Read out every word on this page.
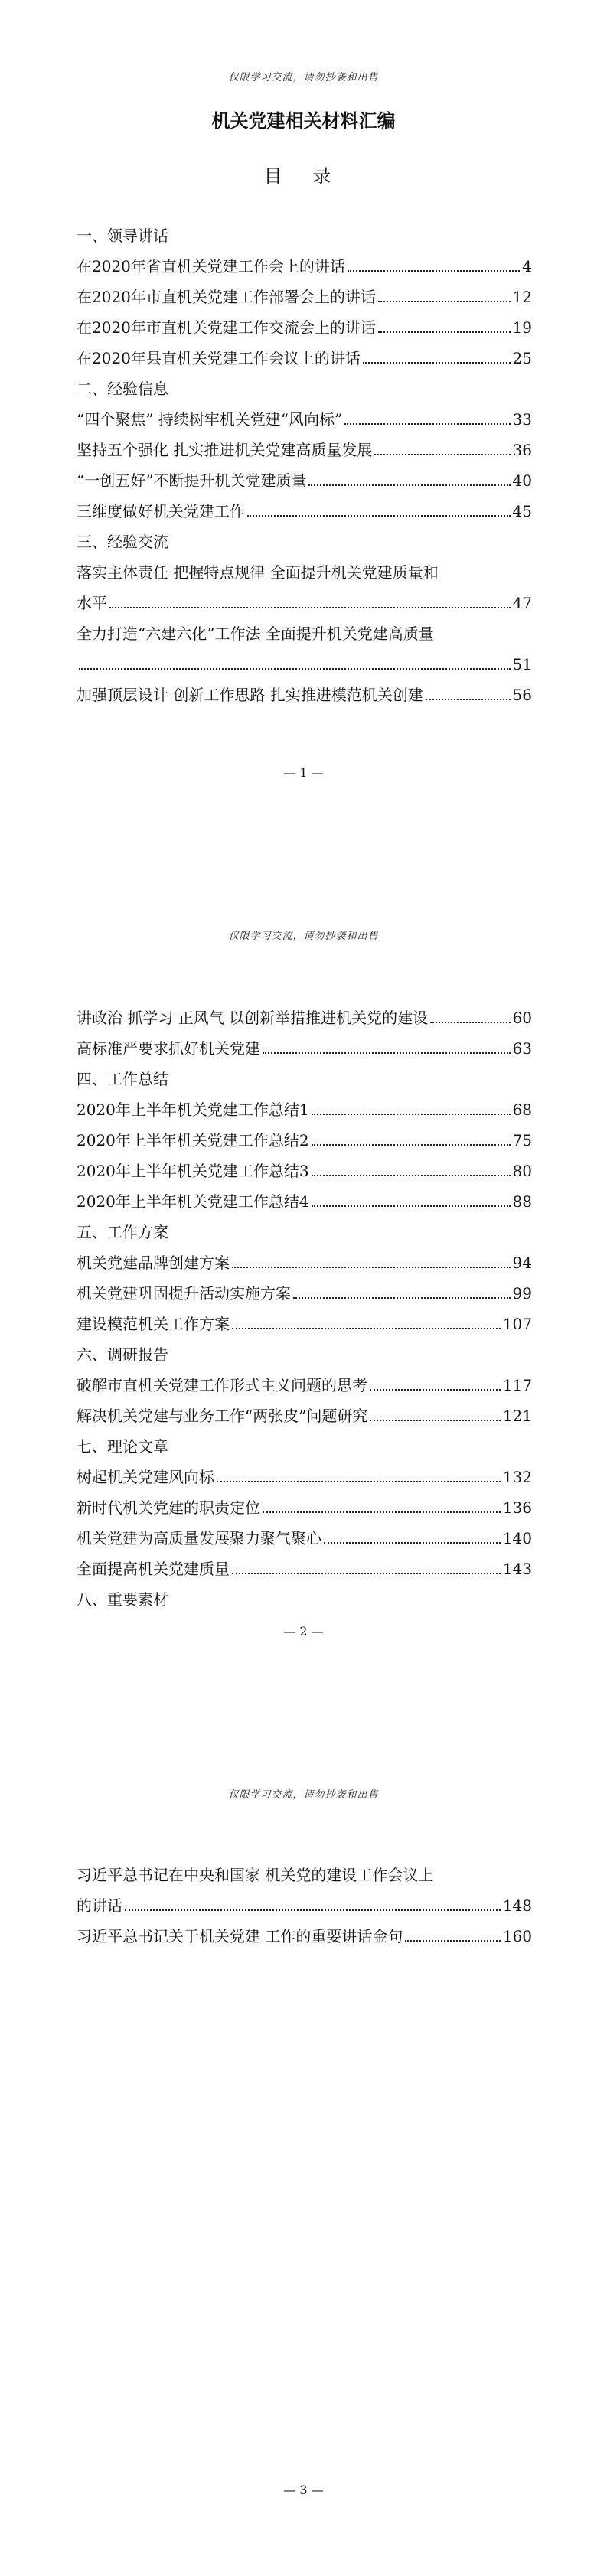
仅限学习交流，请勿抄袭和出售
机关党建相关材料汇编
目 录
一、领导讲话
在2020年省直机关党建工作会上的讲话	4
在2020年市直机关党建工作部署会上的讲话	12
在2020年市直机关党建工作交流会上的讲话	19
在2020年县直机关党建工作会议上的讲话	25
二、经验信息
“四个聚焦” 持续树牢机关党建“风向标”	33
坚持五个强化 扎实推进机关党建高质量发展	36
“一创五好”不断提升机关党建质量	40
三维度做好机关党建工作	45
三、经验交流
落实主体责任 把握特点规律 全面提升机关党建质量和
水平	47
全力打造“六建六化”工作法 全面提升机关党建高质量
51
加强顶层设计 创新工作思路 扎实推进模范机关创建	56
— 1 —
仅限学习交流，请勿抄袭和出售
讲政治 抓学习 正风气 以创新举措推进机关党的建设	60
高标准严要求抓好机关党建	63
四、工作总结
2020年上半年机关党建工作总结1	68
2020年上半年机关党建工作总结2	75
2020年上半年机关党建工作总结3	80
2020年上半年机关党建工作总结4	88
五、工作方案
机关党建品牌创建方案	94
机关党建巩固提升活动实施方案	99
建设模范机关工作方案	107
六、调研报告
破解市直机关党建工作形式主义问题的思考	117
解决机关党建与业务工作“两张皮”问题研究	121
七、理论文章
树起机关党建风向标	132
新时代机关党建的职责定位	136
机关党建为高质量发展聚力聚气聚心	140
全面提高机关党建质量	143
八、重要素材
— 2 —
仅限学习交流，请勿抄袭和出售
习近平总书记在中央和国家 机关党的建设工作会议上
的讲话	148
习近平总书记关于机关党建 工作的重要讲话金句	160
— 3 —
